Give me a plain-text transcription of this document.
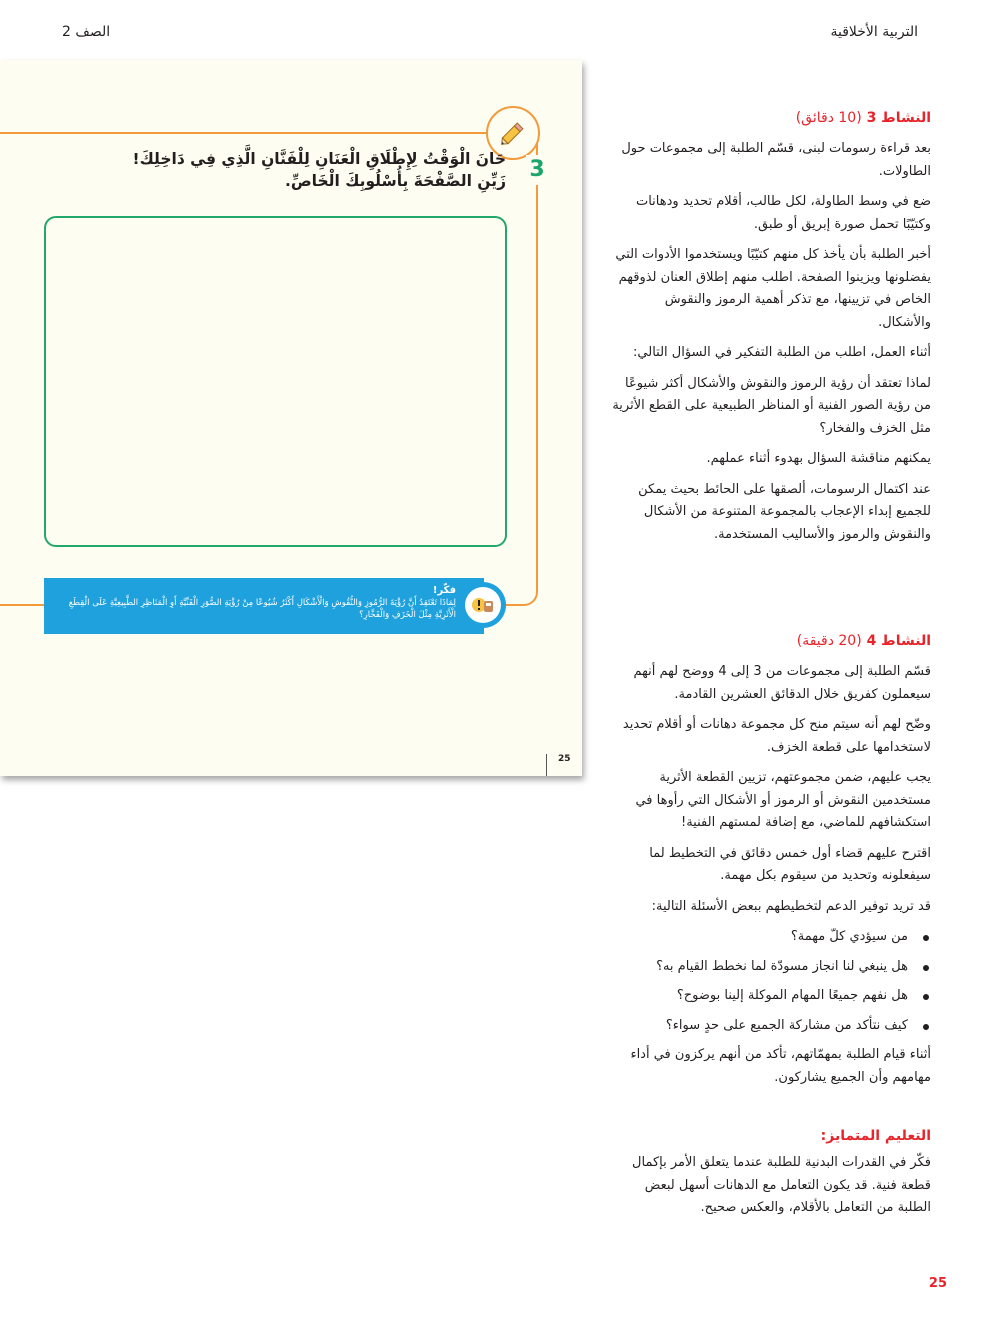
التربية الأخلاقية
الصف 2
3
حَانَ الْوَقْتُ لِإِطْلَاقِ الْعَنَانِ لِلْفَنَّانِ الَّذِي فِي دَاخِلِكَ!
زَيِّنِ الصَّفْحَةَ بِأُسْلُوبِكَ الْخَاصِّ.
فكّر!
لِمَاذَا تَعْتَقِدُ أَنَّ رُؤْيَةَ الرُّمُوزِ وَالنُّقُوشِ وَالْأَشْكَالِ أَكْثَرُ شُيُوعًا مِنْ رُؤْيَةِ الصُّوَرِ الْفَنِّيَّةِ أَوِ الْمَنَاظِرِ الطَّبِيعِيَّةِ عَلَى الْقِطَعِ الْأَثَرِيَّةِ مِثْلَ الْخَزَفِ وَالْفَخَّارِ؟
25
النشاط 3 (10 دقائق)

بعد قراءة رسومات لبنى، قسّم الطلبة إلى مجموعات حول الطاولات.

ضع في وسط الطاولة، لكل طالب، أقلام تحديد ودهانات وكتيّبًا تحمل صورة إبريق أو طبق.

أخبر الطلبة بأن يأخذ كل منهم كتيّبًا ويستخدموا الأدوات التي يفضلونها ويزينوا الصفحة. اطلب منهم إطلاق العنان لذوقهم الخاص في تزيينها، مع تذكر أهمية الرموز والنقوش والأشكال.

أثناء العمل، اطلب من الطلبة التفكير في السؤال التالي:

لماذا تعتقد أن رؤية الرموز والنقوش والأشكال أكثر شيوعًا من رؤية الصور الفنية أو المناظر الطبيعية على القطع الأثرية مثل الخزف والفخار؟

يمكنهم مناقشة السؤال بهدوء أثناء عملهم.

عند اكتمال الرسومات، ألصقها على الحائط بحيث يمكن للجميع إبداء الإعجاب بالمجموعة المتنوعة من الأشكال والنقوش والرموز والأساليب المستخدمة.

النشاط 4 (20 دقيقة)

قسّم الطلبة إلى مجموعات من 3 إلى 4 ووضح لهم أنهم سيعملون كفريق خلال الدقائق العشرين القادمة.

وضّح لهم أنه سيتم منح كل مجموعة دهانات أو أقلام تحديد لاستخدامها على قطعة الخزف.

يجب عليهم، ضمن مجموعتهم، تزيين القطعة الأثرية مستخدمين النقوش أو الرموز أو الأشكال التي رأوها في استكشافهم للماضي، مع إضافة لمستهم الفنية!

اقترح عليهم قضاء أول خمس دقائق في التخطيط لما سيفعلونه وتحديد من سيقوم بكل مهمة.

قد تريد توفير الدعم لتخطيطهم ببعض الأسئلة التالية:

من سيؤدي كلّ مهمة؟
هل ينبغي لنا انجاز مسودّة لما نخطط القيام به؟
هل نفهم جميعًا المهام الموكلة إلينا بوضوح؟
كيف نتأكد من مشاركة الجميع على حدٍ سواء؟

أثناء قيام الطلبة بمهمّاتهم، تأكد من أنهم يركزون في أداء مهامهم وأن الجميع يشاركون.

التعليم المتمايز:

فكّر في القدرات البدنية للطلبة عندما يتعلق الأمر بإكمال قطعة فنية. قد يكون التعامل مع الدهانات أسهل لبعض الطلبة من التعامل بالأقلام، والعكس صحيح.

25
